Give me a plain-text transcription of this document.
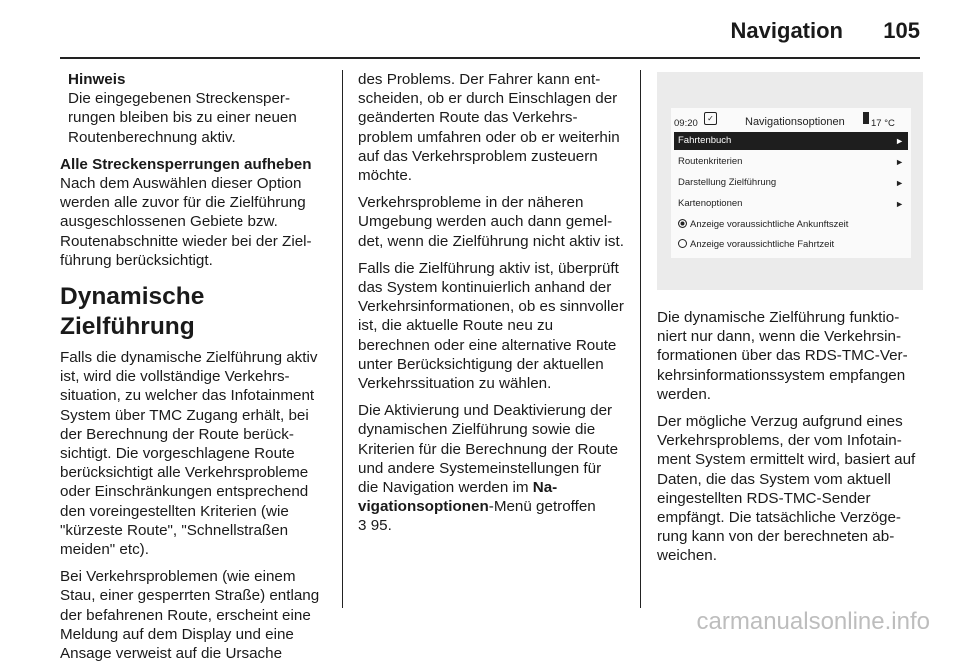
Navigation 105
Hinweis

Die eingegebenen Streckensperrungen bleiben bis zu einer neuen Routenberechnung aktiv.

Alle Streckensperrungen aufheben

Nach dem Auswählen dieser Option werden alle zuvor für die Zielführung ausgeschlossenen Gebiete bzw. Routenabschnitte wieder bei der Zielführung berücksichtigt.

Dynamische Zielführung

Falls die dynamische Zielführung aktiv ist, wird die vollständige Verkehrssituation, zu welcher das Infotainment System über TMC Zugang erhält, bei der Berechnung der Route berücksichtigt. Die vorgeschlagene Route berücksichtigt alle Verkehrsprobleme oder Einschränkungen entsprechend den voreingestellten Kriterien (wie "kürzeste Route", "Schnellstraßen meiden" etc).

Bei Verkehrsproblemen (wie einem Stau, einer gesperrten Straße) entlang der befahrenen Route, erscheint eine Meldung auf dem Display und eine Ansage verweist auf die Ursache

des Problems. Der Fahrer kann entscheiden, ob er durch Einschlagen der geänderten Route das Verkehrsproblem umfahren oder ob er weiterhin auf das Verkehrsproblem zusteuern möchte.

Verkehrsprobleme in der näheren Umgebung werden auch dann gemeldet, wenn die Zielführung nicht aktiv ist.

Falls die Zielführung aktiv ist, überprüft das System kontinuierlich anhand der Verkehrsinformationen, ob es sinnvoller ist, die aktuelle Route neu zu berechnen oder eine alternative Route unter Berücksichtigung der aktuellen Verkehrssituation zu wählen.

Die Aktivierung und Deaktivierung der dynamischen Zielführung sowie die Kriterien für die Berechnung der Route und andere Systemeinstellungen für die Navigation werden im Navigationsoptionen-Menü getroffen
3 95.

09:20	✓	Navigationsoptionen	17 °C
Fahrtenbuch	►
Routenkriterien	►
Darstellung Zielführung	►
Kartenoptionen	►
Anzeige voraussichtliche Ankunftszeit
Anzeige voraussichtliche Fahrtzeit

Die dynamische Zielführung funktioniert nur dann, wenn die Verkehrsinformationen über das RDS-TMC-Verkehrsinformationssystem empfangen werden.

Der mögliche Verzug aufgrund eines Verkehrsproblems, der vom Infotainment System ermittelt wird, basiert auf Daten, die das System vom aktuell eingestellten RDS-TMC-Sender empfängt. Die tatsächliche Verzögerung kann von der berechneten abweichen.

carmanualsonline.info
